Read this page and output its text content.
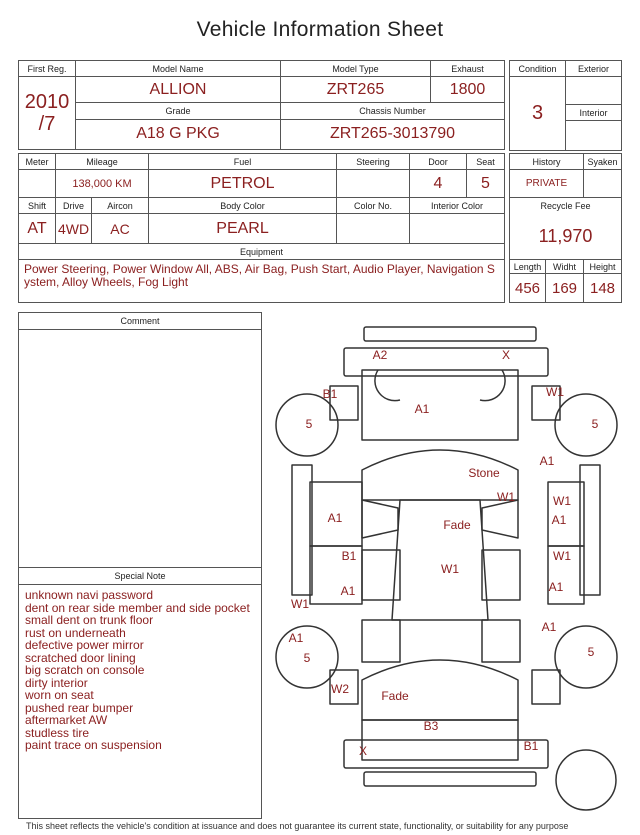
Vehicle Information Sheet
First Reg.	Model Name	Model Type	Exhaust

2010
/7	ALLION	ZRT265	1800
	Grade	Chassis Number	
	A18 G PKG	ZRT265-3013790	
Condition	Exterior
3	
	Interior

Meter	Mileage		Fuel	Steering	Door	Seat
	138,000 KM		PETROL		4	5
Shift	Drive	Aircon	Body Color	Color No.	Interior Color	
AT	4WD	AC	PEARL			
Equipment						
Power Steering, Power Window All, ABS, Air Bag, Push Start, Audio Player, Navigation System, Alloy Wheels, Fog Light						
History		Syaken
PRIVATE		
Recycle Fee		
11,970		
Length	Widht	Height
456	169	148
Comment
Special Note
unknown navi password
dent on rear side member and side pocket
small dent on trunk floor
rust on underneath
defective power mirror
scratched door lining
big scratch on console
dirty interior
worn on seat
pushed rear bumper
aftermarket AW
studless tire
paint trace on suspension
A2	X
B1	W1
A1
5	5
A1
Stone
W1	W1
A1	A1
Fade
B1	W1
W1
A1	A1
W1
A1
A1
5	5
W2	Fade
B3
X	B1
This sheet reflects the vehicle's condition at issuance and does not guarantee its current state, functionality, or suitability for any purpose
